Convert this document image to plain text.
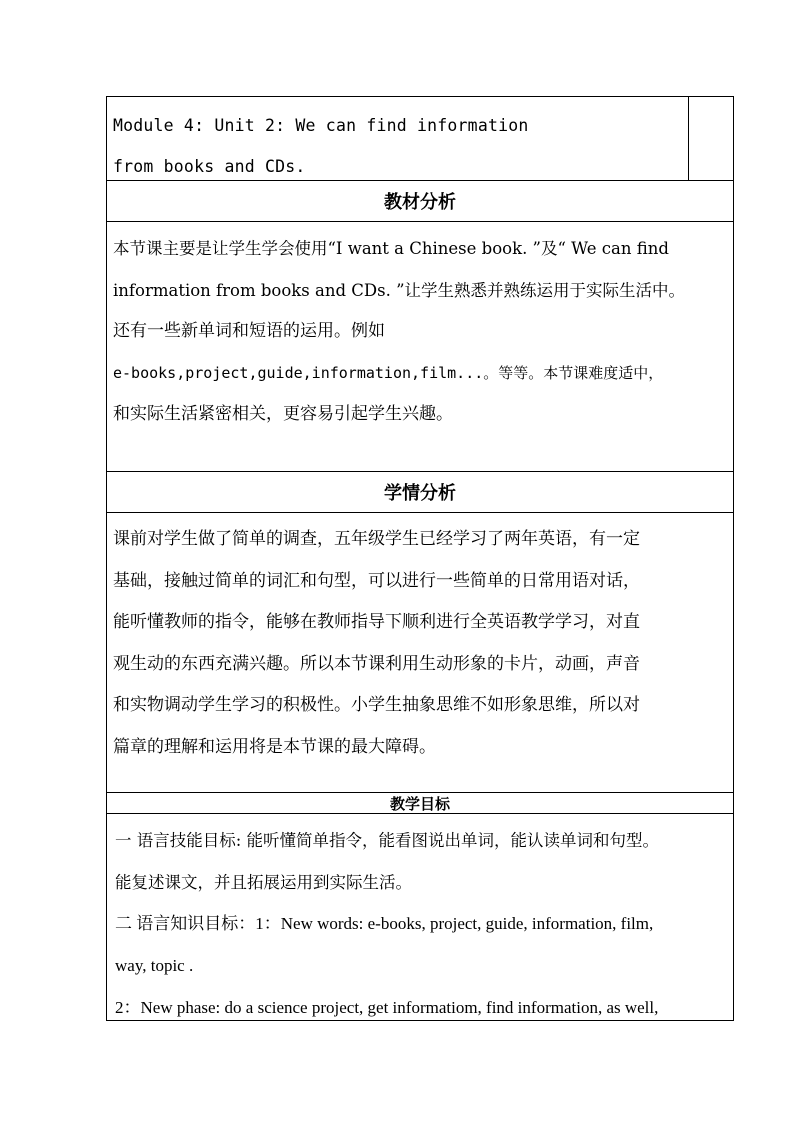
Module 4: Unit 2: We can find information
from books and CDs.
教材分析
本节课主要是让学生学会使用“I want a Chinese book. ”及“ We can find
information from books and CDs. ”让学生熟悉并熟练运用于实际生活中。
还有一些新单词和短语的运用。例如
e-books,project,guide,information,film...。等等。本节课难度适中，
和实际生活紧密相关，更容易引起学生兴趣。
学情分析
课前对学生做了简单的调查，五年级学生已经学习了两年英语，有一定
基础，接触过简单的词汇和句型，可以进行一些简单的日常用语对话，
能听懂教师的指令，能够在教师指导下顺利进行全英语教学学习，对直
观生动的东西充满兴趣。所以本节课利用生动形象的卡片，动画，声音
和实物调动学生学习的积极性。小学生抽象思维不如形象思维，所以对
篇章的理解和运用将是本节课的最大障碍。
教学目标
一 语言技能目标: 能听懂简单指令，能看图说出单词，能认读单词和句型。
能复述课文，并且拓展运用到实际生活。
二 语言知识目标：1：New words: e-books, project, guide, information, film,
way, topic .
2：New phase: do a science project, get informatiom, find information, as well,
